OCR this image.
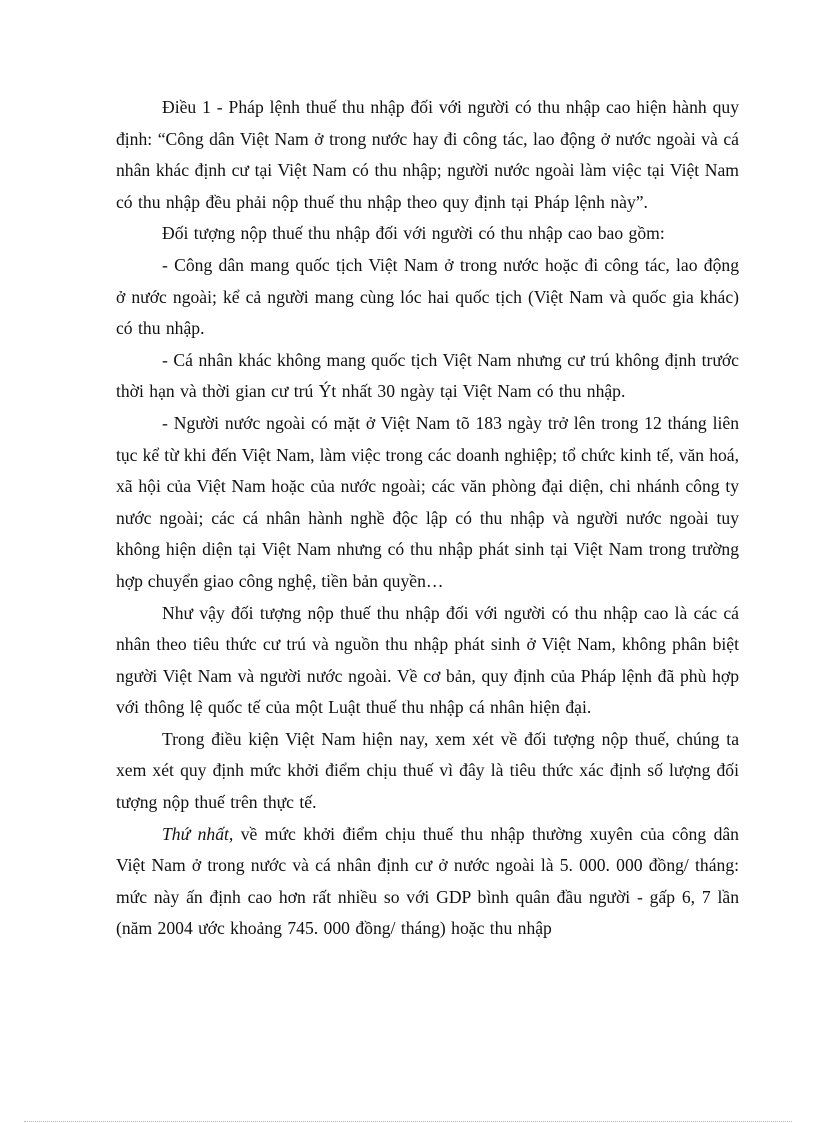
Điều 1 - Pháp lệnh thuế thu nhập đối với người có thu nhập cao hiện hành quy định: “Công dân Việt Nam ở trong nước hay đi công tác, lao động ở nước ngoài và cá nhân khác định cư tại Việt Nam có thu nhập; người nước ngoài làm việc tại Việt Nam có thu nhập đều phải nộp thuế thu nhập theo quy định tại Pháp lệnh này”.

Đối tượng nộp thuế thu nhập đối với người có thu nhập cao bao gồm:

- Công dân mang quốc tịch Việt Nam ở trong nước hoặc đi công tác, lao động ở nước ngoài; kể cả người mang cùng lóc hai quốc tịch (Việt Nam và quốc gia khác) có thu nhập.

- Cá nhân khác không mang quốc tịch Việt Nam nhưng cư trú không định trước thời hạn và thời gian cư trú Ýt nhất 30 ngày tại Việt Nam có thu nhập.

- Người nước ngoài có mặt ở Việt Nam tõ 183 ngày trở lên trong 12 tháng liên tục kể từ khi đến Việt Nam, làm việc trong các doanh nghiệp; tổ chức kinh tế, văn hoá, xã hội của Việt Nam hoặc của nước ngoài; các văn phòng đại diện, chi nhánh công ty nước ngoài; các cá nhân hành nghề độc lập có thu nhập và người nước ngoài tuy không hiện diện tại Việt Nam nhưng có thu nhập phát sinh tại Việt Nam trong trường hợp chuyển giao công nghệ, tiền bản quyền…

Như vậy đối tượng nộp thuế thu nhập đối với người có thu nhập cao là các cá nhân theo tiêu thức cư trú và nguồn thu nhập phát sinh ở Việt Nam, không phân biệt người Việt Nam và người nước ngoài. Về cơ bản, quy định của Pháp lệnh đã phù hợp với thông lệ quốc tế của một Luật thuế thu nhập cá nhân hiện đại.

Trong điều kiện Việt Nam hiện nay, xem xét về đối tượng nộp thuế, chúng ta xem xét quy định mức khởi điểm chịu thuế vì đây là tiêu thức xác định số lượng đối tượng nộp thuế trên thực tế.

Thứ nhất, về mức khởi điểm chịu thuế thu nhập thường xuyên của công dân Việt Nam ở trong nước và cá nhân định cư ở nước ngoài là 5. 000. 000 đồng/ tháng: mức này ấn định cao hơn rất nhiều so với GDP bình quân đầu người - gấp 6, 7 lần (năm 2004 ước khoảng 745. 000 đồng/ tháng) hoặc thu nhập
